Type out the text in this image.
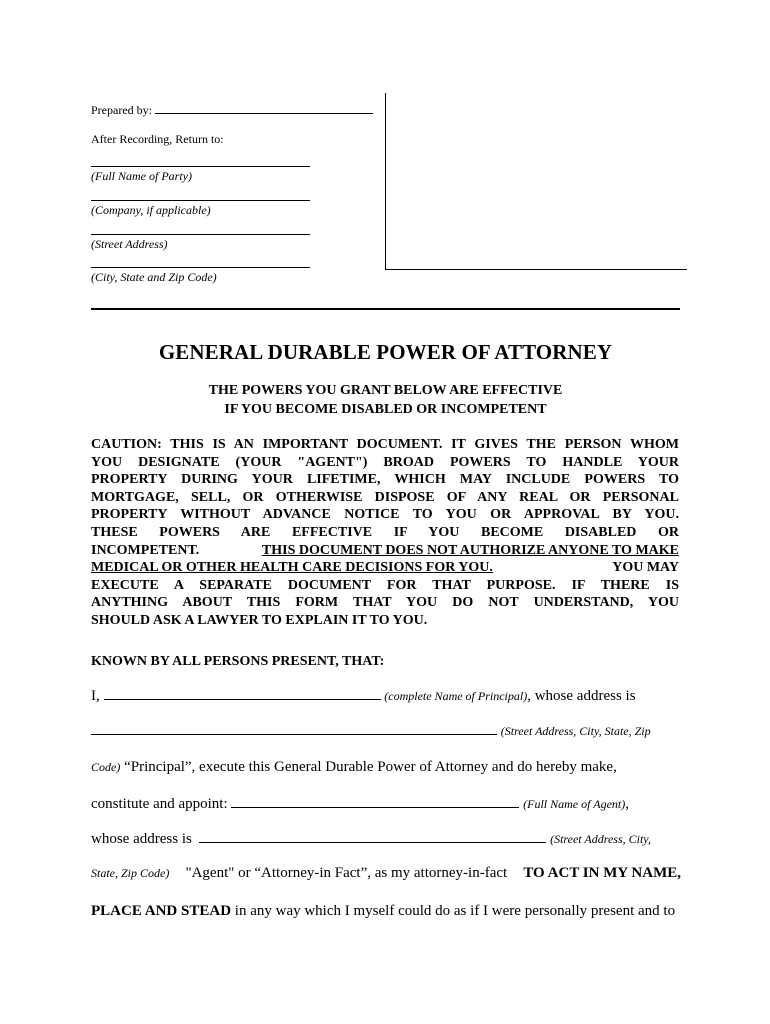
Prepared by:
After Recording, Return to:
(Full Name of Party)
(Company, if applicable)
(Street Address)
(City, State and Zip Code)
GENERAL DURABLE POWER OF ATTORNEY
THE POWERS YOU GRANT BELOW ARE EFFECTIVE
IF YOU BECOME DISABLED OR INCOMPETENT
CAUTION: THIS IS AN IMPORTANT DOCUMENT. IT GIVES THE PERSON WHOM
YOU DESIGNATE (YOUR "AGENT") BROAD POWERS TO HANDLE YOUR
PROPERTY DURING YOUR LIFETIME, WHICH MAY INCLUDE POWERS TO
MORTGAGE, SELL, OR OTHERWISE DISPOSE OF ANY REAL OR PERSONAL
PROPERTY WITHOUT ADVANCE NOTICE TO YOU OR APPROVAL BY YOU.
THESE POWERS ARE EFFECTIVE IF YOU BECOME DISABLED OR
INCOMPETENT.	THIS DOCUMENT DOES NOT AUTHORIZE ANYONE TO MAKE
MEDICAL OR OTHER HEALTH CARE DECISIONS FOR YOU.	YOU MAY
EXECUTE A SEPARATE DOCUMENT FOR THAT PURPOSE. IF THERE IS
ANYTHING ABOUT THIS FORM THAT YOU DO NOT UNDERSTAND, YOU
SHOULD ASK A LAWYER TO EXPLAIN IT TO YOU.
KNOWN BY ALL PERSONS PRESENT, THAT:
I,	(complete Name of Principal), whose address is
(Street Address, City, State, Zip
Code) “Principal”, execute this General Durable Power of Attorney and do hereby make,
constitute and appoint:	(Full Name of Agent),
whose address is	(Street Address, City,
State, Zip Code) "Agent" or “Attorney-in Fact”, as my attorney-in-fact TO ACT IN MY NAME,
PLACE AND STEAD in any way which I myself could do as if I were personally present and to
